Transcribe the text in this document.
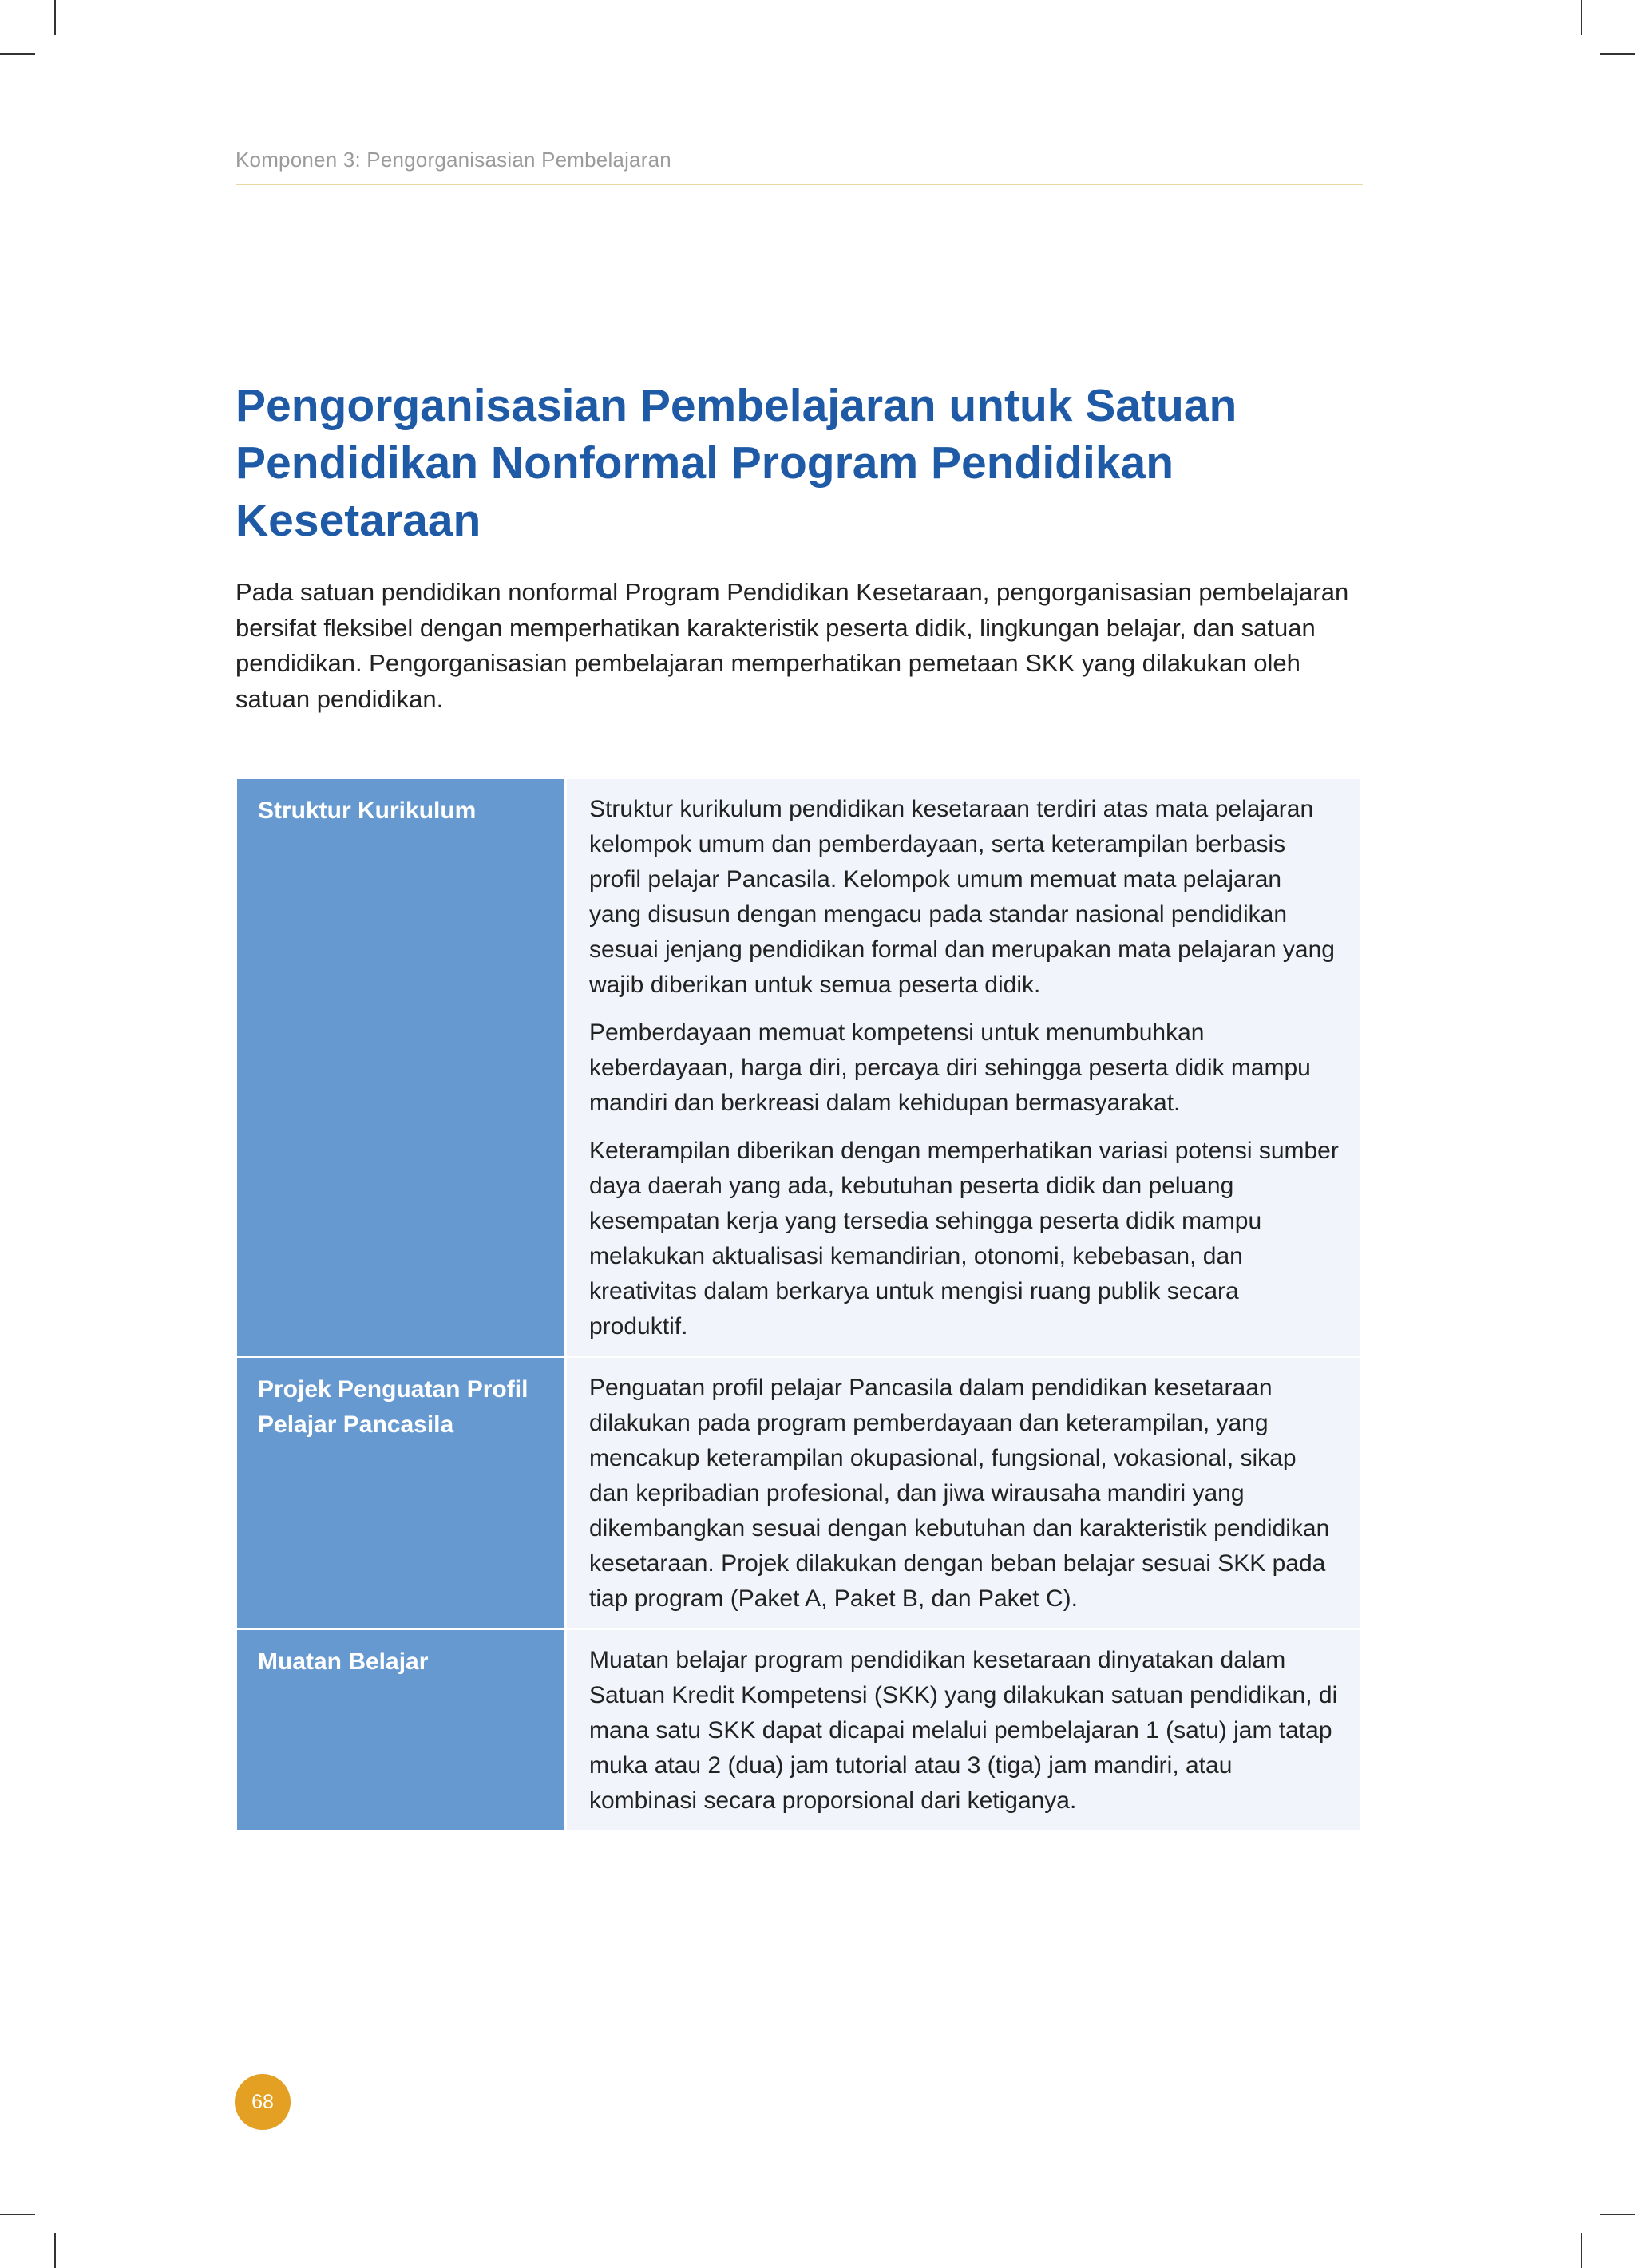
Komponen 3: Pengorganisasian Pembelajaran
Pengorganisasian Pembelajaran untuk Satuan
Pendidikan Nonformal Program Pendidikan
Kesetaraan

Pada satuan pendidikan nonformal Program Pendidikan Kesetaraan, pengorganisasian pembelajaran bersifat fleksibel dengan memperhatikan karakteristik peserta didik, lingkungan belajar, dan satuan pendidikan. Pengorganisasian pembelajaran memperhatikan pemetaan SKK yang dilakukan oleh satuan pendidikan.

Struktur Kurikulum	Struktur kurikulum pendidikan kesetaraan terdiri atas mata pelajaran kelompok umum dan pemberdayaan, serta keterampilan berbasis profil pelajar Pancasila. Kelompok umum memuat mata pelajaran yang disusun dengan mengacu pada standar nasional pendidikan sesuai jenjang pendidikan formal dan merupakan mata pelajaran yang wajib diberikan untuk semua peserta didik.

Pemberdayaan memuat kompetensi untuk menumbuhkan keberdayaan, harga diri, percaya diri sehingga peserta didik mampu mandiri dan berkreasi dalam kehidupan bermasyarakat.

Keterampilan diberikan dengan memperhatikan variasi potensi sumber daya daerah yang ada, kebutuhan peserta didik dan peluang kesempatan kerja yang tersedia sehingga peserta didik mampu melakukan aktualisasi kemandirian, otonomi, kebebasan, dan kreativitas dalam berkarya untuk mengisi ruang publik secara produktif.

Projek Penguatan Profil Pelajar Pancasila

Penguatan profil pelajar Pancasila dalam pendidikan kesetaraan dilakukan pada program pemberdayaan dan keterampilan, yang mencakup keterampilan okupasional, fungsional, vokasional, sikap dan kepribadian profesional, dan jiwa wirausaha mandiri yang dikembangkan sesuai dengan kebutuhan dan karakteristik pendidikan kesetaraan. Projek dilakukan dengan beban belajar sesuai SKK pada tiap program (Paket A, Paket B, dan Paket C).

Muatan Belajar	Muatan belajar program pendidikan kesetaraan dinyatakan dalam Satuan Kredit Kompetensi (SKK) yang dilakukan satuan pendidikan, di mana satu SKK dapat dicapai melalui pembelajaran 1 (satu) jam tatap muka atau 2 (dua) jam tutorial atau 3 (tiga) jam mandiri, atau kombinasi secara proporsional dari ketiganya.

68
